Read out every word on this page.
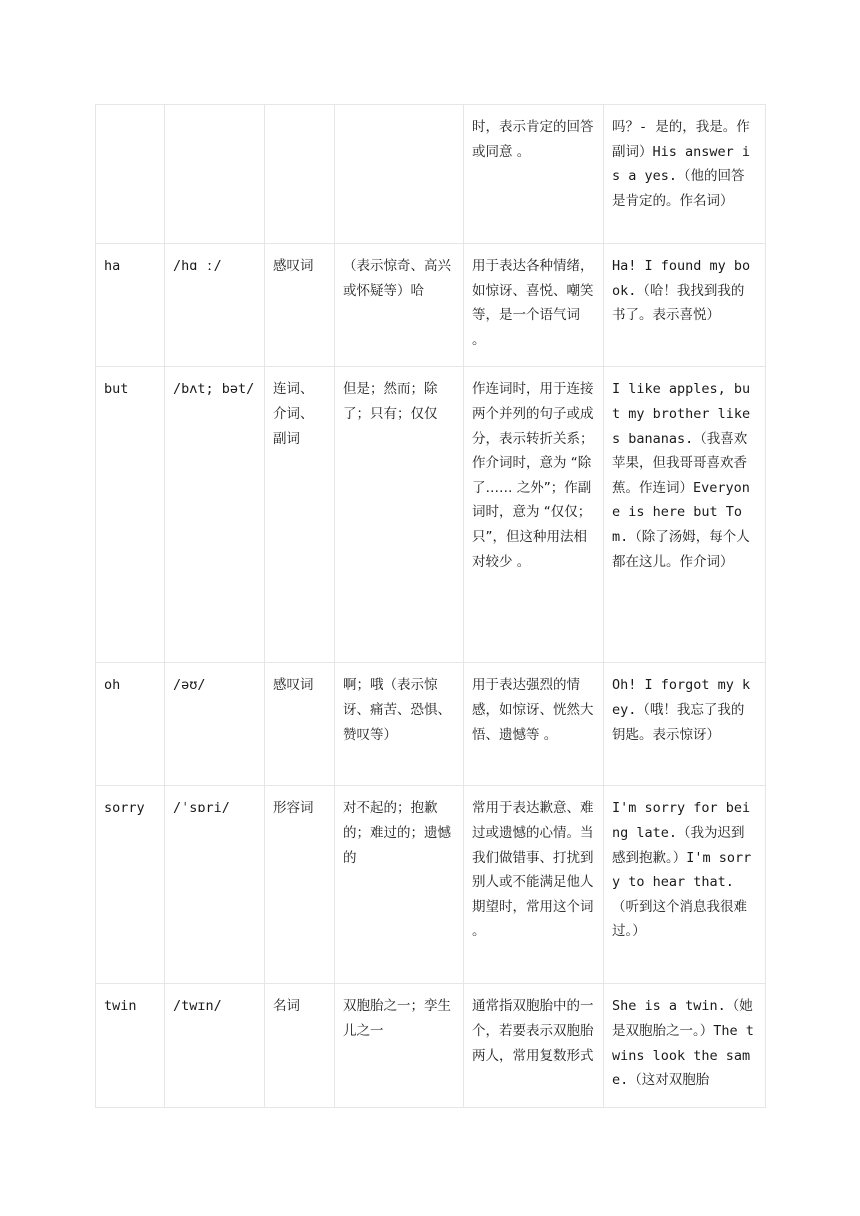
				时，表示肯定的回答或同意 。	吗？- 是的，我是。作副词）His answer is a yes.（他的回答是肯定的。作名词）

ha	/hɑ ː/	感叹词	（表示惊奇、高兴或怀疑等）哈	用于表达各种情绪，如惊讶、喜悦、嘲笑等，是一个语气词 。	Ha! I found my book.（哈！我找到我的书了。表示喜悦）

but	/bʌt; bət/	连词、介词、副词	但是；然而；除了；只有；仅仅	作连词时，用于连接两个并列的句子或成分，表示转折关系；作介词时，意为 “除了…… 之外”；作副词时，意为 “仅仅；只”，但这种用法相对较少 。	I like apples, but my brother likes bananas.（我喜欢苹果，但我哥哥喜欢香蕉。作连词）Everyone is here but Tom.（除了汤姆，每个人都在这儿。作介词）

oh	/əʊ/	感叹词	啊；哦（表示惊讶、痛苦、恐惧、赞叹等）	用于表达强烈的情感，如惊讶、恍然大悟、遗憾等 。	Oh! I forgot my key.（哦！我忘了我的钥匙。表示惊讶）

sorry	/ˈsɒri/	形容词	对不起的；抱歉的；难过的；遗憾的	常用于表达歉意、难过或遗憾的心情。当我们做错事、打扰到别人或不能满足他人期望时，常用这个词 。	I'm sorry for being late.（我为迟到感到抱歉。）I'm sorry to hear that.（听到这个消息我很难过。）

twin	/twɪn/	名词	双胞胎之一；孪生儿之一	通常指双胞胎中的一个，若要表示双胞胎两人，常用复数形式	She is a twin.（她是双胞胎之一。）The twins look the same.（这对双胞胎
